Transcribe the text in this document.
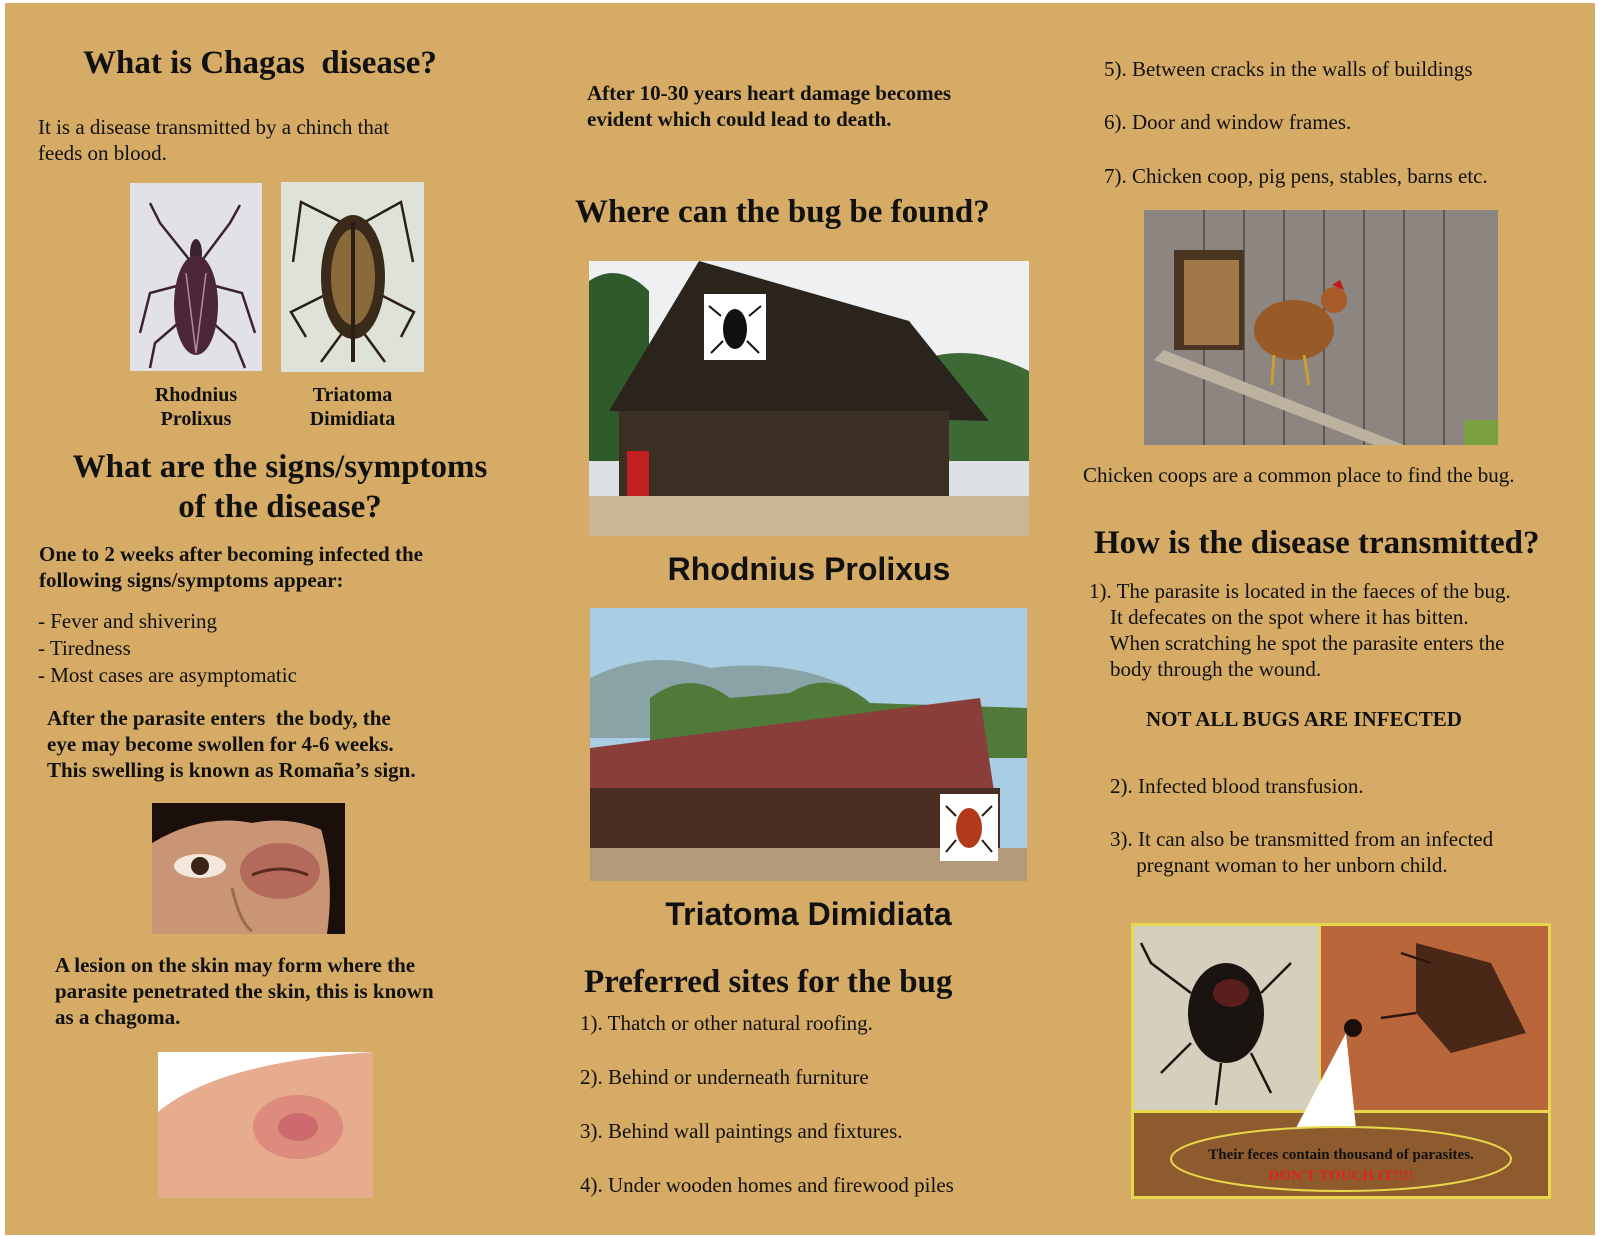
What is Chagas  disease?
It is a disease transmitted by a chinch that
feeds on blood.
Rhodnius
Prolixus
Triatoma
Dimidiata
What are the signs/symptoms
of the disease?
One to 2 weeks after becoming infected the
following signs/symptoms appear:
- Fever and shivering
- Tiredness
- Most cases are asymptomatic
After the parasite enters  the body, the
eye may become swollen for 4-6 weeks.
This swelling is known as Romaña’s sign.
A lesion on the skin may form where the
parasite penetrated the skin, this is known
as a chagoma.
After 10-30 years heart damage becomes
evident which could lead to death.
Where can the bug be found?
Rhodnius Prolixus
Triatoma Dimidiata
Preferred sites for the bug
1). Thatch or other natural roofing.
2). Behind or underneath furniture
3). Behind wall paintings and fixtures.
4). Under wooden homes and firewood piles
5). Between cracks in the walls of buildings
6). Door and window frames.
7). Chicken coop, pig pens, stables, barns etc.
Chicken coops are a common place to find the bug.
How is the disease transmitted?
1). The parasite is located in the faeces of the bug.
It defecates on the spot where it has bitten.
When scratching he spot the parasite enters the
body through the wound.
NOT ALL BUGS ARE INFECTED
2). Infected blood transfusion.
3). It can also be transmitted from an infected
pregnant woman to her unborn child.
Their feces contain thousand of parasites.
DON'T TOUCH IT!!!!
